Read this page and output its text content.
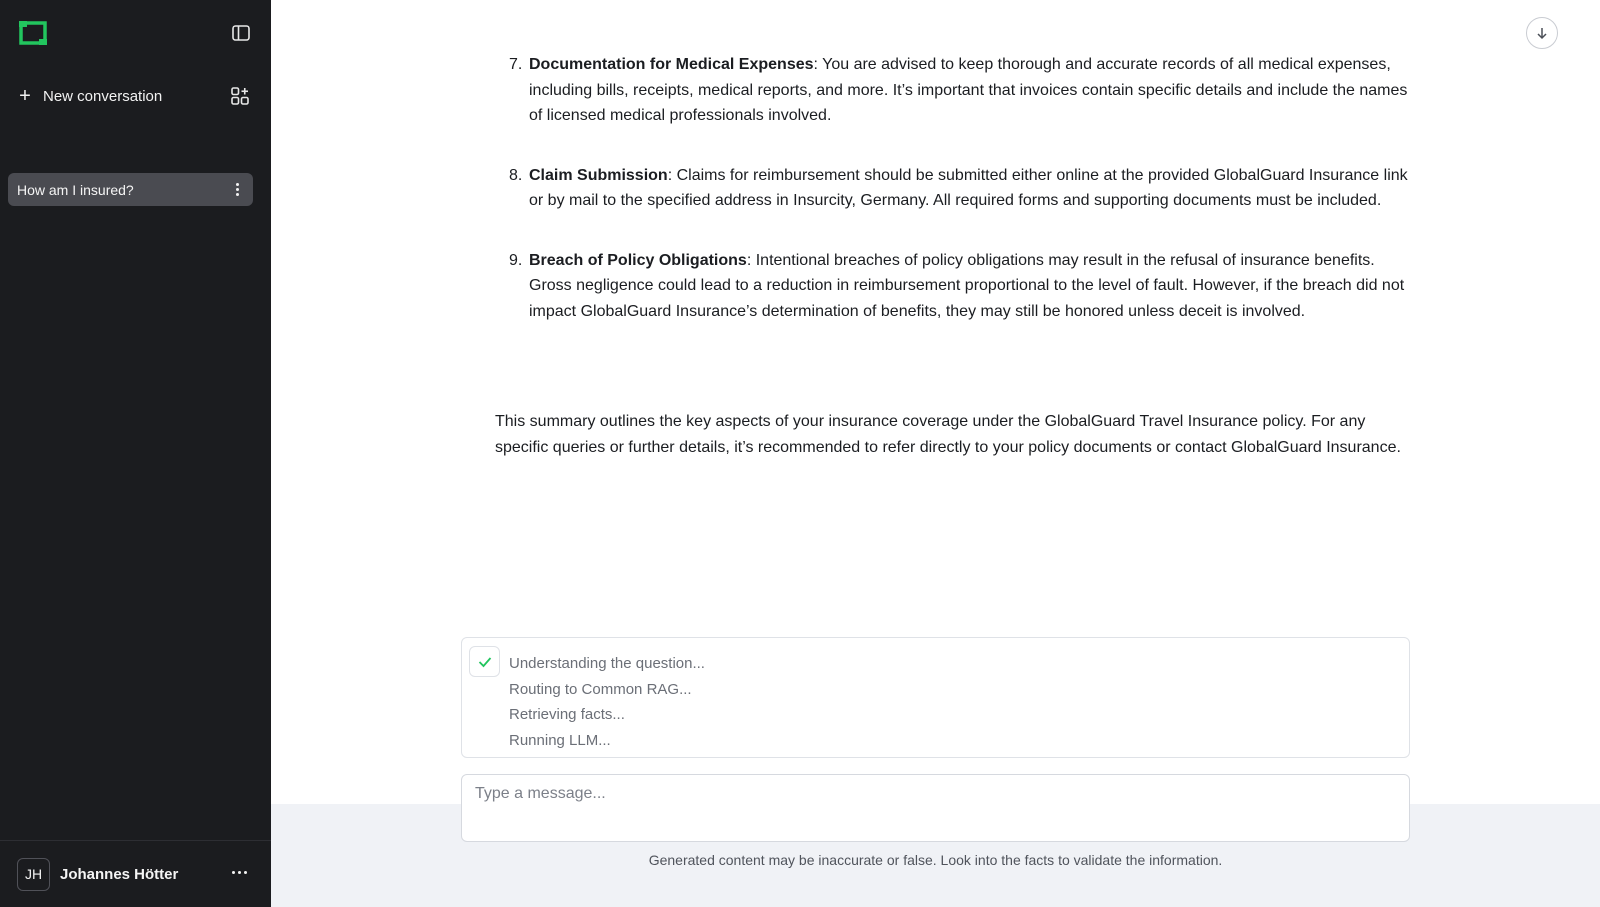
+ New conversation
How am I insured?
JH Johannes Hötter
7. Documentation for Medical Expenses: You are advised to keep thorough and accurate records of all medical expenses, including bills, receipts, medical reports, and more. It’s important that invoices contain specific details and include the names of licensed medical professionals involved.
8. Claim Submission: Claims for reimbursement should be submitted either online at the provided GlobalGuard Insurance link or by mail to the specified address in Insurcity, Germany. All required forms and supporting documents must be included.
9. Breach of Policy Obligations: Intentional breaches of policy obligations may result in the refusal of insurance benefits. Gross negligence could lead to a reduction in reimbursement proportional to the level of fault. However, if the breach did not impact GlobalGuard Insurance’s determination of benefits, they may still be honored unless deceit is involved.

This summary outlines the key aspects of your insurance coverage under the GlobalGuard Travel Insurance policy. For any specific queries or further details, it’s recommended to refer directly to your policy documents or contact GlobalGuard Insurance.

Understanding the question...
Routing to Common RAG...
Retrieving facts...
Running LLM...
Type a message...

Generated content may be inaccurate or false. Look into the facts to validate the information.
